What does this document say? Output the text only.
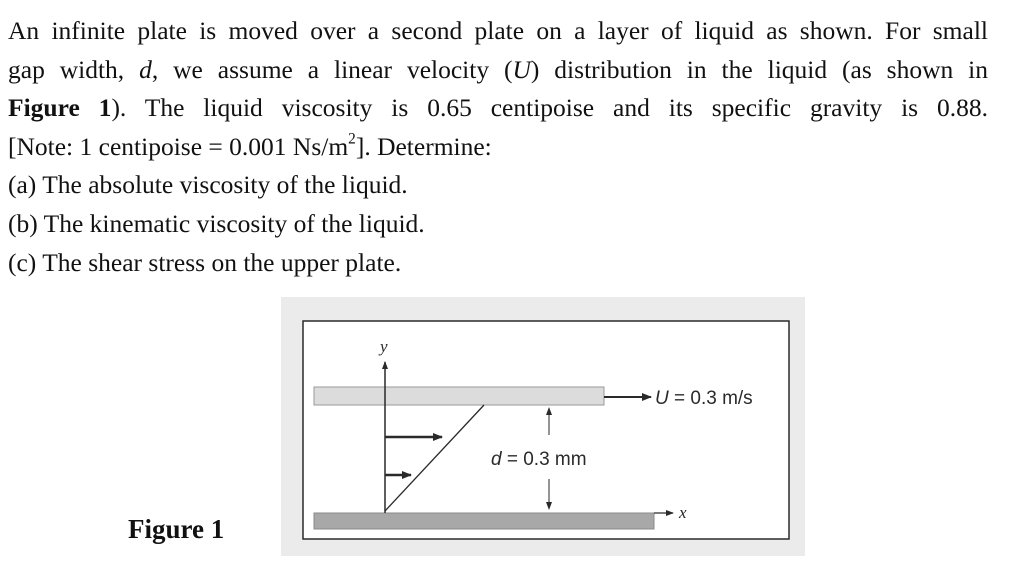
An infinite plate is moved over a second plate on a layer of liquid as shown. For small
gap width, d, we assume a linear velocity (U) distribution in the liquid (as shown in
Figure 1). The liquid viscosity is 0.65 centipoise and its specific gravity is 0.88.
[Note: 1 centipoise = 0.001 $Ns/m^2$]. Determine:
(a) The absolute viscosity of the liquid.
(b) The kinematic viscosity of the liquid.
(c) The shear stress on the upper plate.
Figure 1
y
x
U = 0.3 m/s
d = 0.3 mm
